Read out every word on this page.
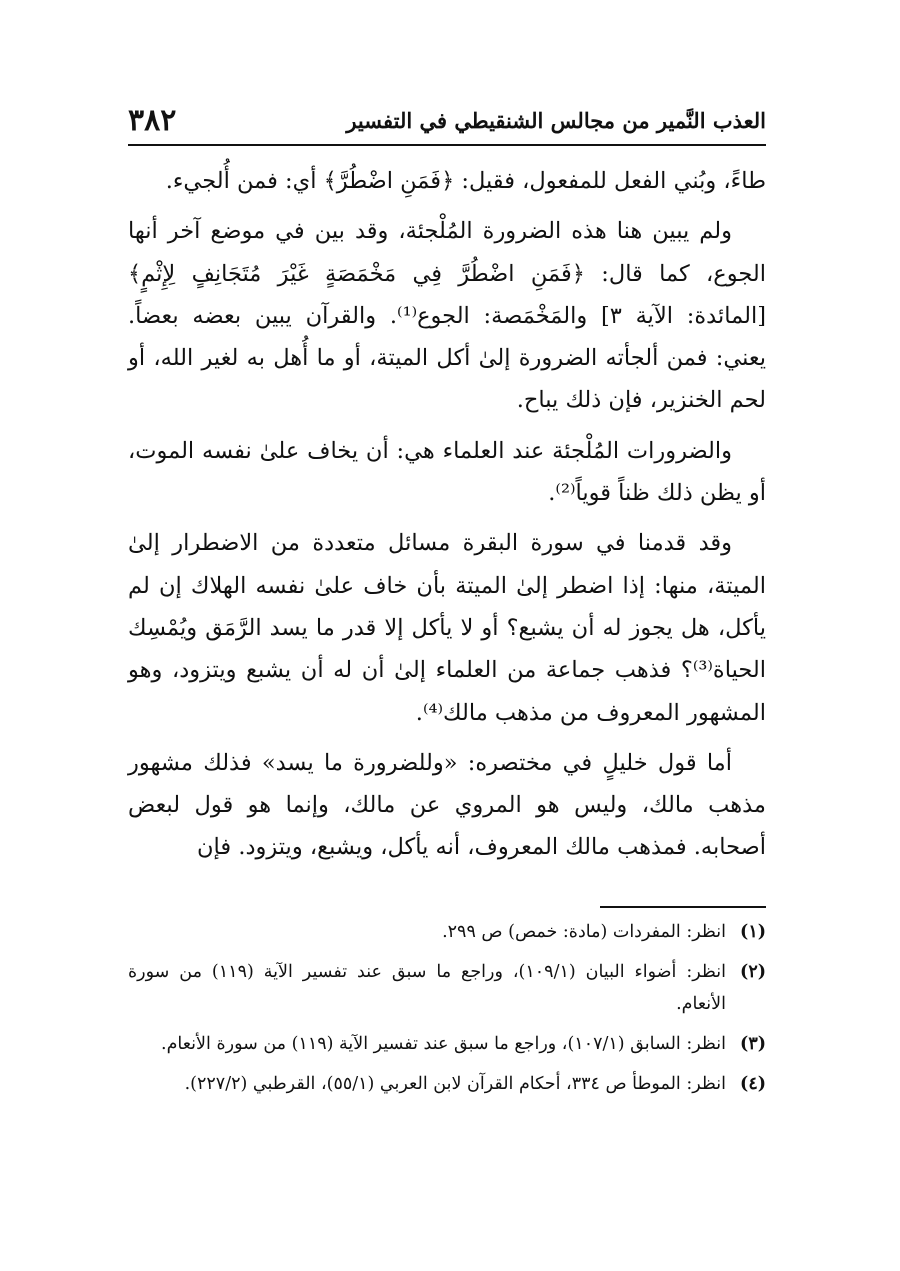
العذب النَّمير من مجالس الشنقيطي في التفسير
٣٨٢

طاءً، وبُني الفعل للمفعول، فقيل: ﴿فَمَنِ اضْطُرَّ﴾ أي: فمن أُلجيء.

ولم يبين هنا هذه الضرورة المُلْجئة، وقد بين في موضع آخر أنها الجوع، كما قال: ﴿فَمَنِ اضْطُرَّ فِي مَخْمَصَةٍ غَيْرَ مُتَجَانِفٍ لِإِثْمٍ﴾ [المائدة: الآية ٣] والمَخْمَصة: الجوع⁽¹⁾. والقرآن يبين بعضه بعضاً. يعني: فمن ألجأته الضرورة إلىٰ أكل الميتة، أو ما أُهل به لغير الله، أو لحم الخنزير، فإن ذلك يباح.

والضرورات المُلْجئة عند العلماء هي: أن يخاف علىٰ نفسه الموت، أو يظن ذلك ظناً قوياً⁽²⁾.

وقد قدمنا في سورة البقرة مسائل متعددة من الاضطرار إلىٰ الميتة، منها: إذا اضطر إلىٰ الميتة بأن خاف علىٰ نفسه الهلاك إن لم يأكل، هل يجوز له أن يشبع؟ أو لا يأكل إلا قدر ما يسد الرَّمَق ويُمْسِك الحياة⁽³⁾؟ فذهب جماعة من العلماء إلىٰ أن له أن يشبع ويتزود، وهو المشهور المعروف من مذهب مالك⁽⁴⁾.

أما قول خليلٍ في مختصره: «وللضرورة ما يسد» فذلك مشهور مذهب مالك، وليس هو المروي عن مالك، وإنما هو قول لبعض أصحابه. فمذهب مالك المعروف، أنه يأكل، ويشبع، ويتزود. فإن

(١)
انظر: المفردات (مادة: خمص) ص ٢٩٩.
(٢)
انظر: أضواء البيان (١٠٩/١)، وراجع ما سبق عند تفسير الآية (١١٩) من سورة الأنعام.
(٣)
انظر: السابق (١٠٧/١)، وراجع ما سبق عند تفسير الآية (١١٩) من سورة الأنعام.
(٤)
انظر: الموطأ ص ٣٣٤، أحكام القرآن لابن العربي (٥٥/١)، القرطبي (٢٢٧/٢).
